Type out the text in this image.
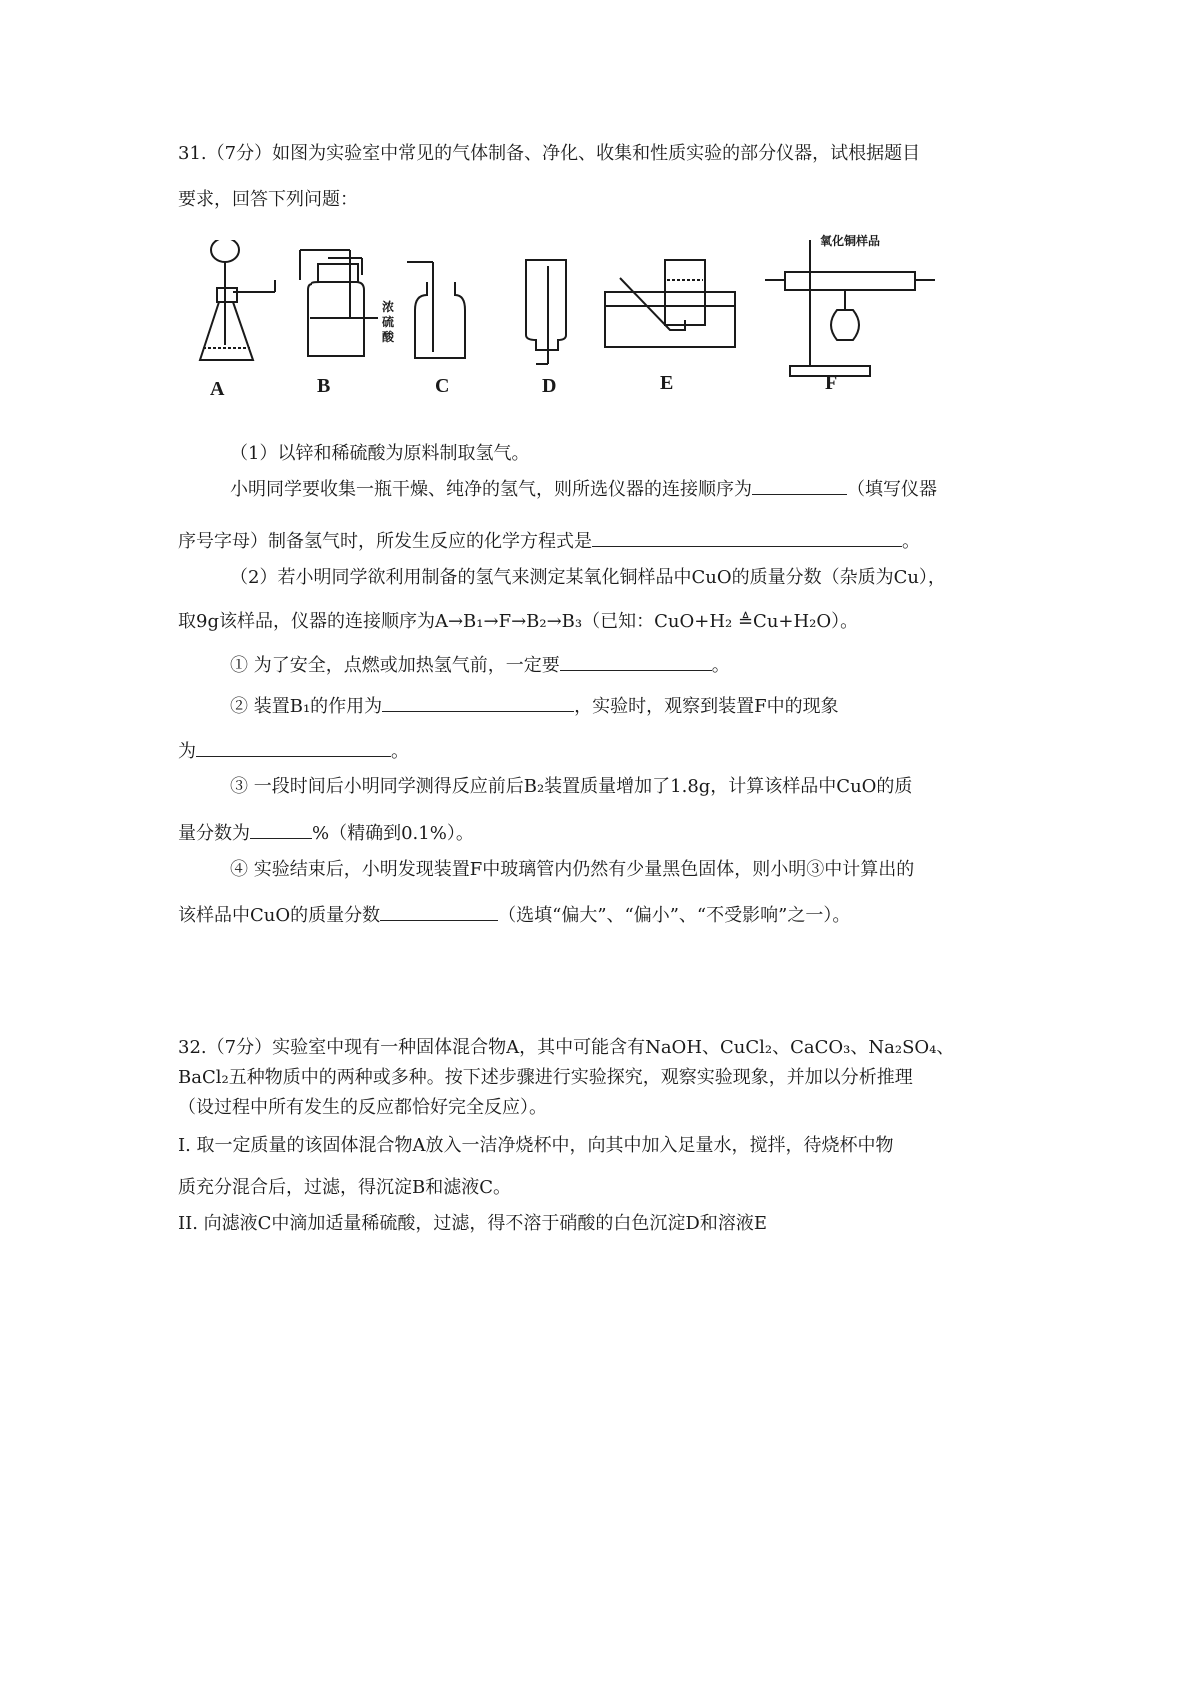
31.（7分）如图为实验室中常见的气体制备、净化、收集和性质实验的部分仪器，试根据题目
要求，回答下列问题：
A	B	C	D	E	F
浓硫酸
氧化铜样品
（1）以锌和稀硫酸为原料制取氢气。
小明同学要收集一瓶干燥、纯净的氢气，则所选仪器的连接顺序为	（填写仪器
序号字母）制备氢气时，所发生反应的化学方程式是	。
（2）若小明同学欲利用制备的氢气来测定某氧化铜样品中CuO的质量分数（杂质为Cu），
取9g该样品，仪器的连接顺序为A→B₁→F→B₂→B₃（已知：CuO+H₂ ≜Cu+H₂O）。
① 为了安全，点燃或加热氢气前，一定要	。
② 装置B₁的作用为	，实验时，观察到装置F中的现象
为	。
③ 一段时间后小明同学测得反应前后B₂装置质量增加了1.8g，计算该样品中CuO的质
量分数为	%（精确到0.1%）。
④ 实验结束后，小明发现装置F中玻璃管内仍然有少量黑色固体，则小明③中计算出的
该样品中CuO的质量分数	（选填“偏大”、“偏小”、“不受影响”之一）。
32.（7分）实验室中现有一种固体混合物A，其中可能含有NaOH、CuCl₂、CaCO₃、Na₂SO₄、
BaCl₂五种物质中的两种或多种。按下述步骤进行实验探究，观察实验现象，并加以分析推理
（设过程中所有发生的反应都恰好完全反应）。
I. 取一定质量的该固体混合物A放入一洁净烧杯中，向其中加入足量水，搅拌，待烧杯中物
质充分混合后，过滤，得沉淀B和滤液C。
II. 向滤液C中滴加适量稀硫酸，过滤，得不溶于硝酸的白色沉淀D和溶液E
